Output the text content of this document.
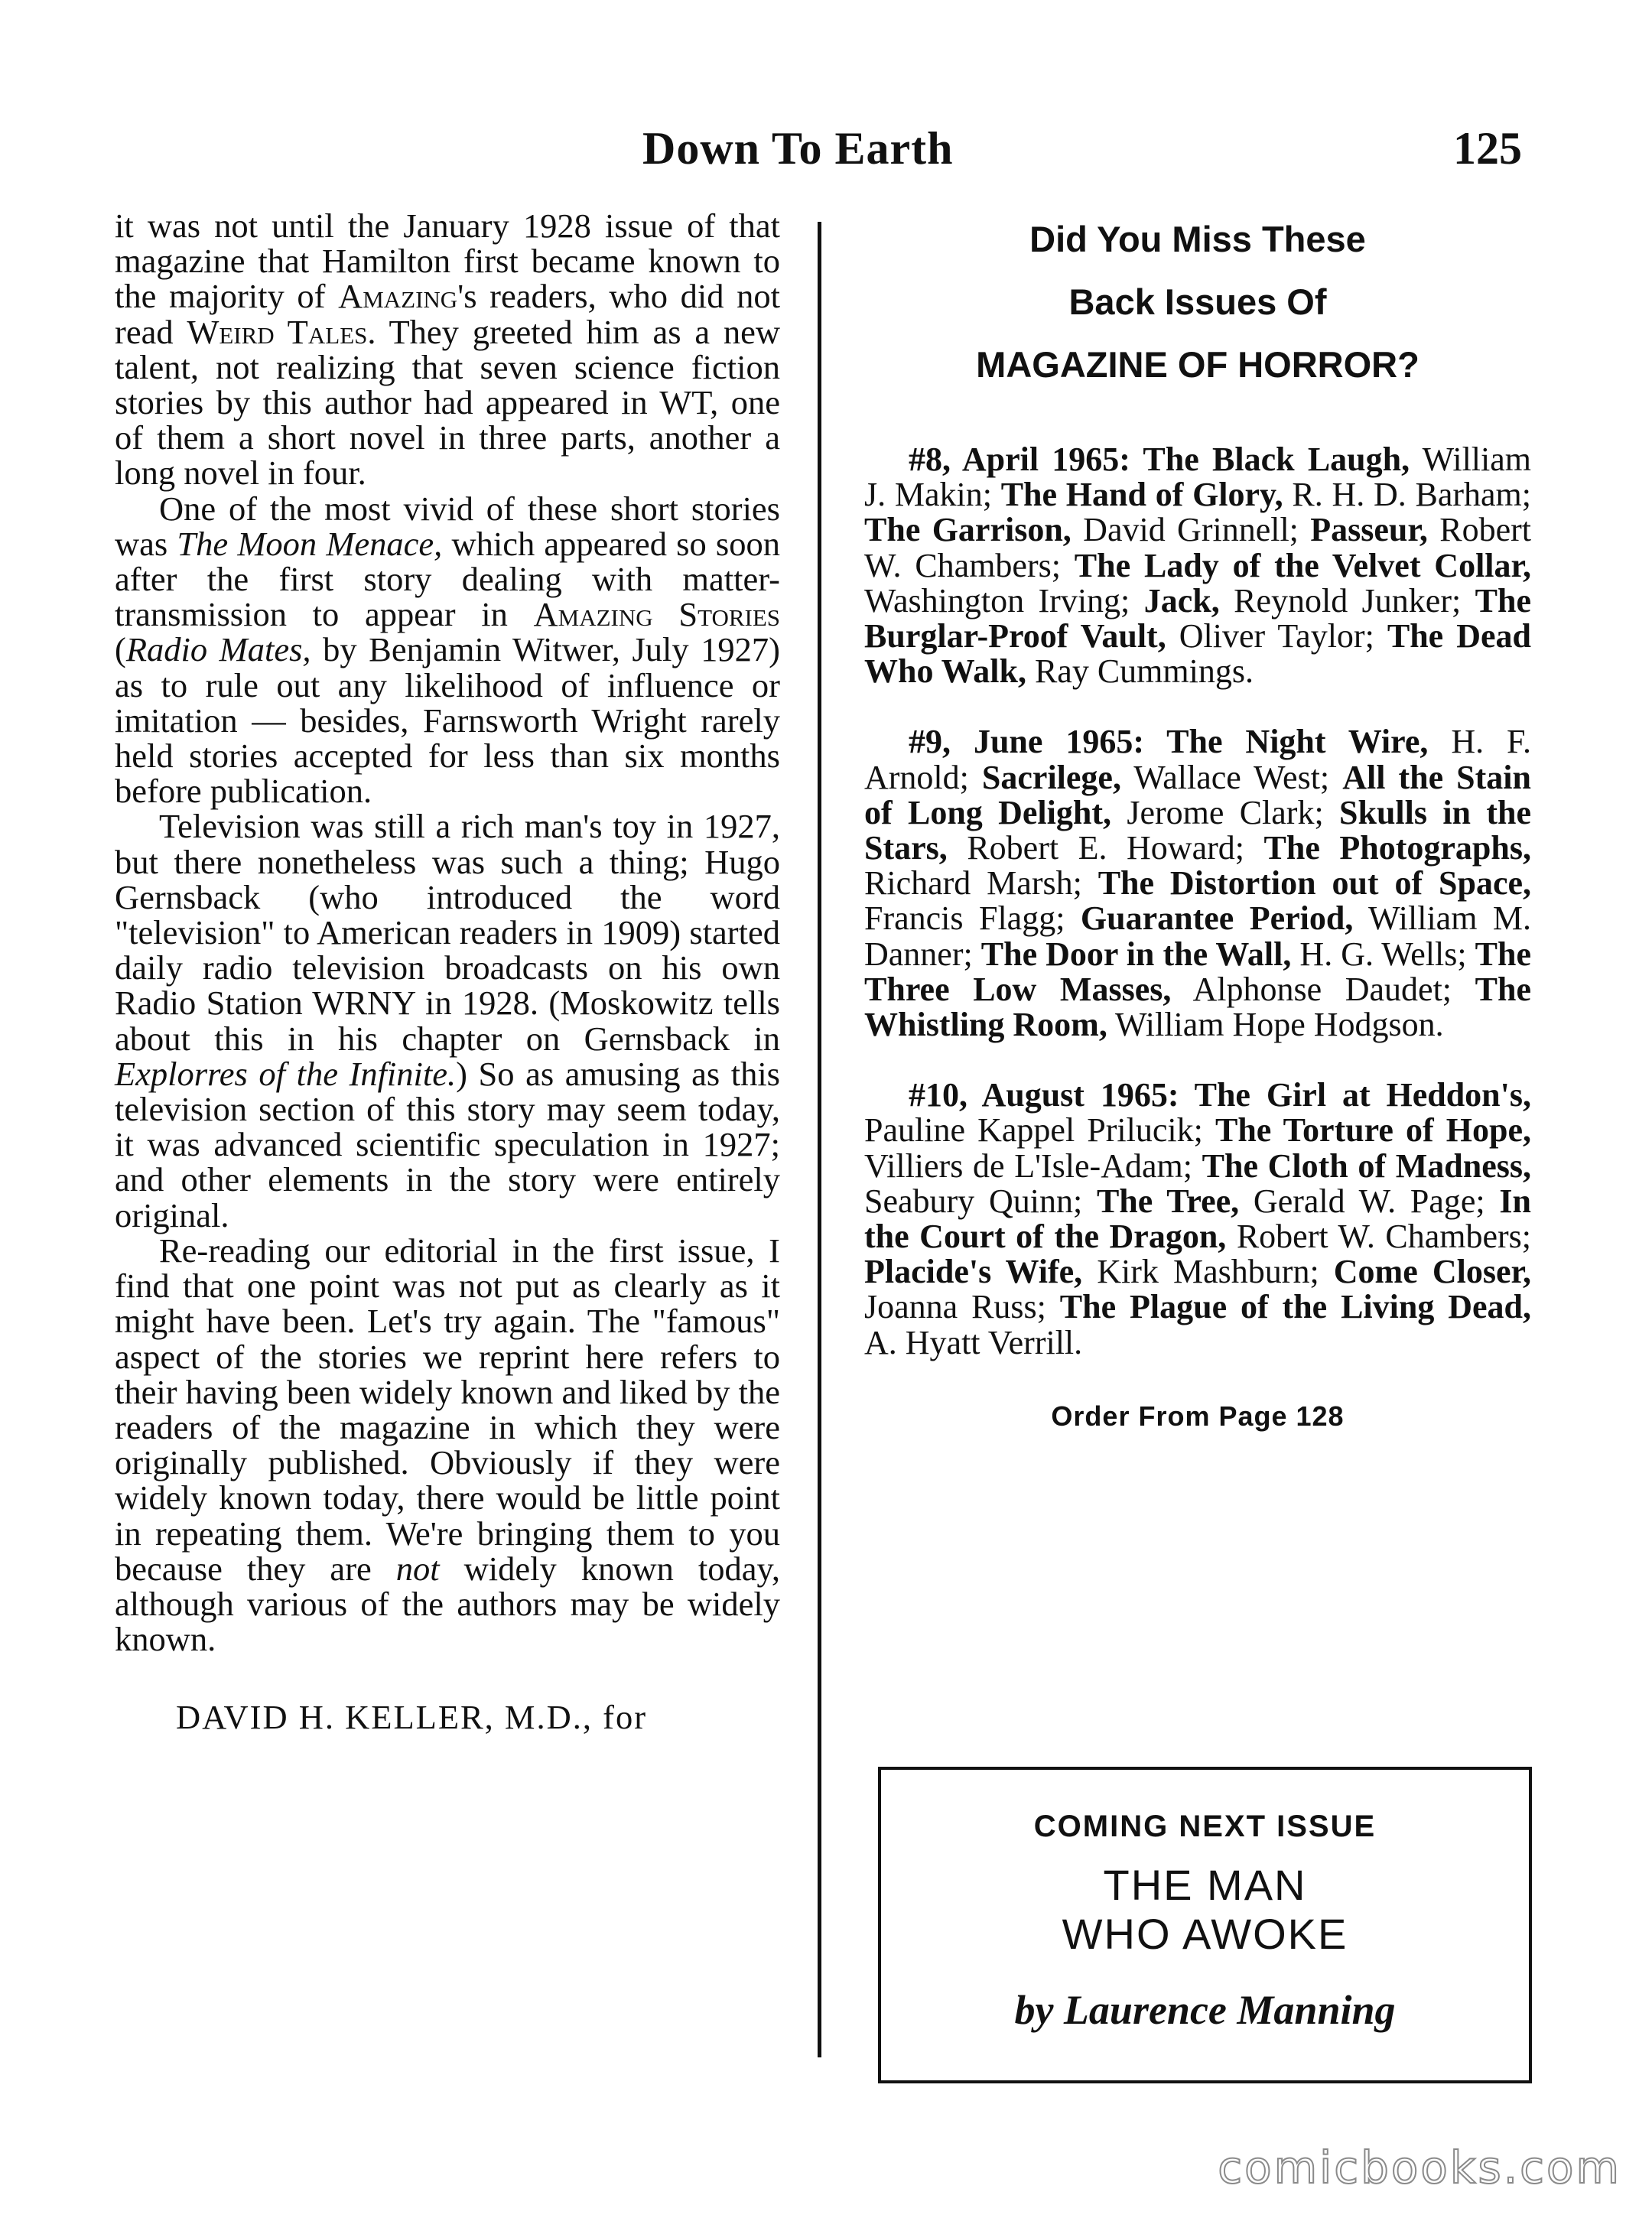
Down To Earth	125

it was not until the January 1928 issue of that magazine that Hamilton first became known to the majority of Amazing's readers, who did not read Weird Tales. They greeted him as a new talent, not realizing that seven science fiction stories by this author had appeared in WT, one of them a short novel in three parts, another a long novel in four.

One of the most vivid of these short stories was The Moon Menace, which appeared so soon after the first story dealing with matter-transmission to appear in Amazing Stories (Radio Mates, by Benjamin Witwer, July 1927) as to rule out any likelihood of influence or imitation — besides, Farnsworth Wright rarely held stories accepted for less than six months before publication.

Television was still a rich man's toy in 1927, but there nonetheless was such a thing; Hugo Gernsback (who introduced the word "television" to American readers in 1909) started daily radio television broadcasts on his own Radio Station WRNY in 1928. (Moskowitz tells about this in his chapter on Gernsback in Explorres of the Infinite.) So as amusing as this television section of this story may seem today, it was advanced scientific speculation in 1927; and other elements in the story were entirely original.

Re-reading our editorial in the first issue, I find that one point was not put as clearly as it might have been. Let's try again. The "famous" aspect of the stories we reprint here refers to their having been widely known and liked by the readers of the magazine in which they were originally published. Obviously if they were widely known today, there would be little point in repeating them. We're bringing them to you because they are not widely known today, although various of the authors may be widely known.

DAVID H. KELLER, M.D., for

Did You Miss These
Back Issues Of
MAGAZINE OF HORROR?

#8, April 1965: The Black Laugh, William J. Makin; The Hand of Glory, R. H. D. Barham; The Garrison, David Grinnell; Passeur, Robert W. Chambers; The Lady of the Velvet Collar, Washington Irving; Jack, Reynold Junker; The Burglar-Proof Vault, Oliver Taylor; The Dead Who Walk, Ray Cummings.

#9, June 1965: The Night Wire, H. F. Arnold; Sacrilege, Wallace West; All the Stain of Long Delight, Jerome Clark; Skulls in the Stars, Robert E. Howard; The Photographs, Richard Marsh; The Distortion out of Space, Francis Flagg; Guarantee Period, William M. Danner; The Door in the Wall, H. G. Wells; The Three Low Masses, Alphonse Daudet; The Whistling Room, William Hope Hodgson.

#10, August 1965: The Girl at Heddon's, Pauline Kappel Prilucik; The Torture of Hope, Villiers de L'Isle-Adam; The Cloth of Madness, Seabury Quinn; The Tree, Gerald W. Page; In the Court of the Dragon, Robert W. Chambers; Placide's Wife, Kirk Mashburn; Come Closer, Joanna Russ; The Plague of the Living Dead, A. Hyatt Verrill.

Order From Page 128
COMING NEXT ISSUE
THE MAN
WHO AWOKE
by Laurence Manning
comicbooks.com
